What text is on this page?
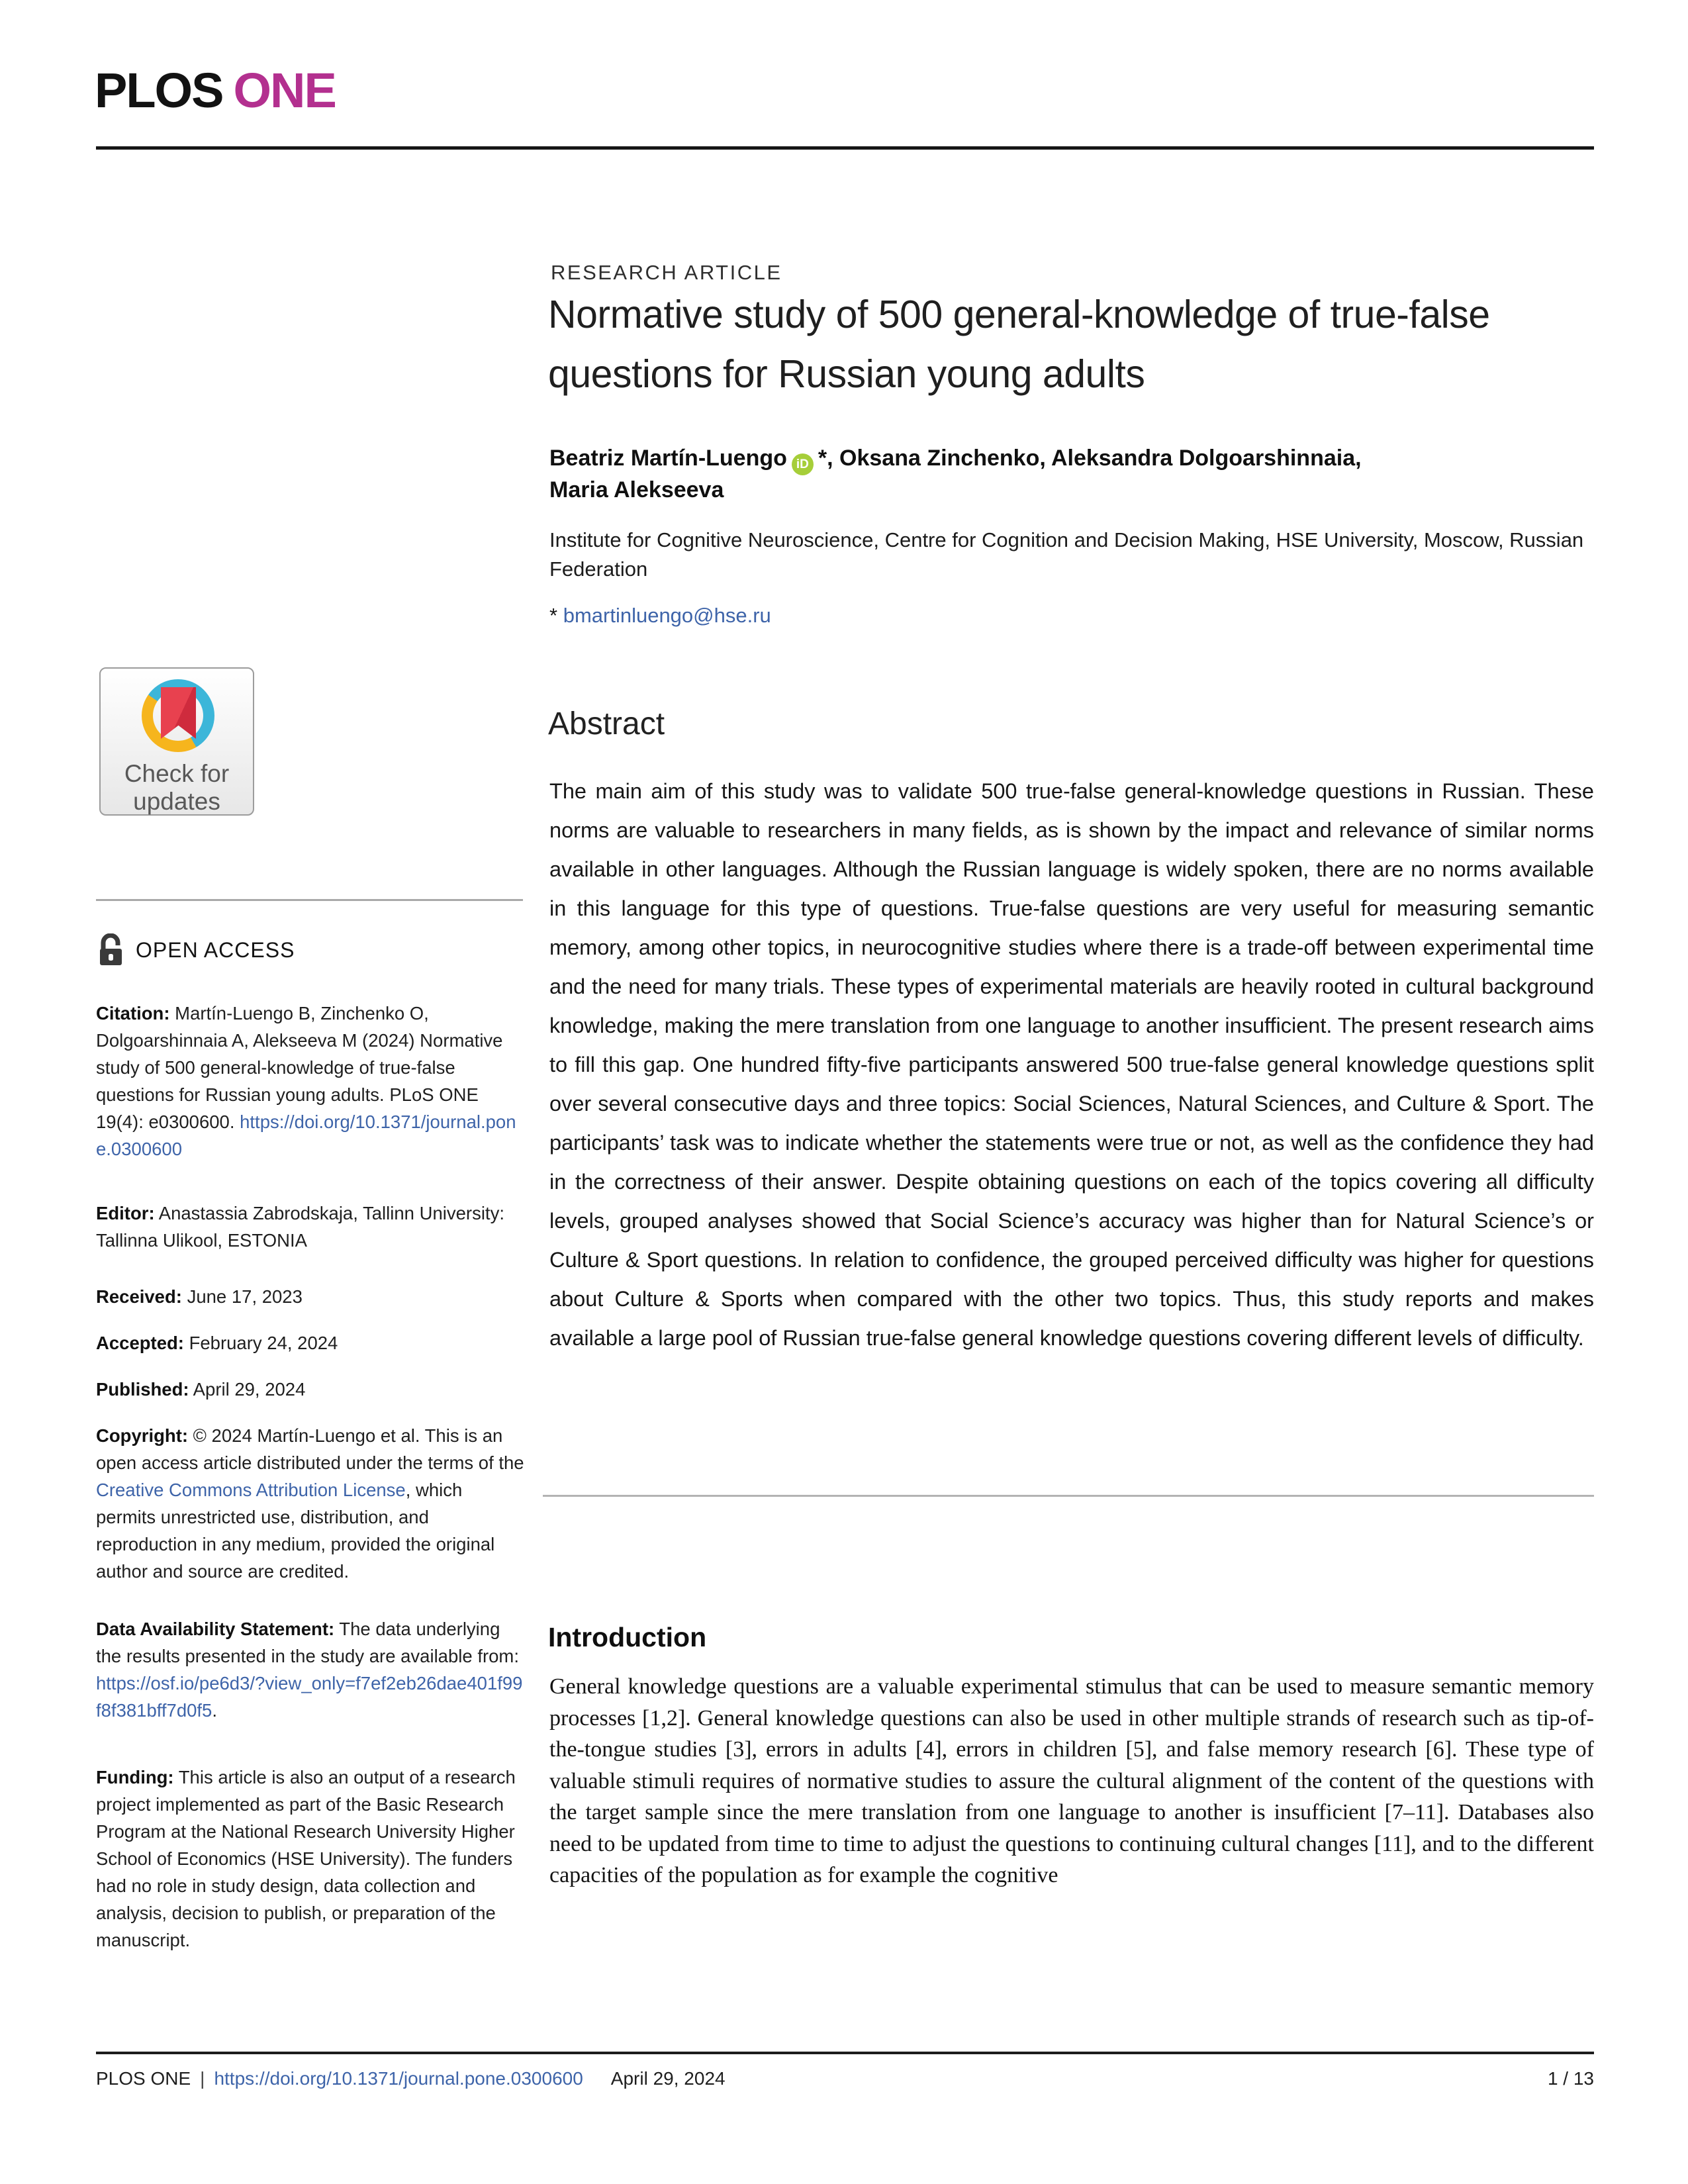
PLOS ONE
Check for
updates
OPEN ACCESS

Citation: Martín-Luengo B, Zinchenko O, Dolgoarshinnaia A, Alekseeva M (2024) Normative study of 500 general-knowledge of true-false questions for Russian young adults. PLoS ONE 19(4): e0300600. https://doi.org/10.1371/journal.pone.0300600

Editor: Anastassia Zabrodskaja, Tallinn University: Tallinna Ulikool, ESTONIA

Received: June 17, 2023

Accepted: February 24, 2024

Published: April 29, 2024

Copyright: © 2024 Martín-Luengo et al. This is an open access article distributed under the terms of the Creative Commons Attribution License, which permits unrestricted use, distribution, and reproduction in any medium, provided the original author and source are credited.

Data Availability Statement: The data underlying the results presented in the study are available from: https://osf.io/pe6d3/?view_only=f7ef2eb26dae401f99f8f381bff7d0f5.

Funding: This article is also an output of a research project implemented as part of the Basic Research Program at the National Research University Higher School of Economics (HSE University). The funders had no role in study design, data collection and analysis, decision to publish, or preparation of the manuscript.

RESEARCH ARTICLE
Normative study of 500 general-knowledge of true-false questions for Russian young adults
Beatriz Martín-Luengo iD *, Oksana Zinchenko, Aleksandra Dolgoarshinnaia,
Maria Alekseeva
Institute for Cognitive Neuroscience, Centre for Cognition and Decision Making, HSE University, Moscow, Russian Federation
* bmartinluengo@hse.ru
Abstract

The main aim of this study was to validate 500 true-false general-knowledge questions in Russian. These norms are valuable to researchers in many fields, as is shown by the impact and relevance of similar norms available in other languages. Although the Russian language is widely spoken, there are no norms available in this language for this type of questions. True-false questions are very useful for measuring semantic memory, among other topics, in neurocognitive studies where there is a trade-off between experimental time and the need for many trials. These types of experimental materials are heavily rooted in cultural background knowledge, making the mere translation from one language to another insufficient. The present research aims to fill this gap. One hundred fifty-five participants answered 500 true-false general knowledge questions split over several consecutive days and three topics: Social Sciences, Natural Sciences, and Culture & Sport. The participants’ task was to indicate whether the statements were true or not, as well as the confidence they had in the correctness of their answer. Despite obtaining questions on each of the topics covering all difficulty levels, grouped analyses showed that Social Science’s accuracy was higher than for Natural Science’s or Culture & Sport questions. In relation to confidence, the grouped perceived difficulty was higher for questions about Culture & Sports when compared with the other two topics. Thus, this study reports and makes available a large pool of Russian true-false general knowledge questions covering different levels of difficulty.

Introduction

General knowledge questions are a valuable experimental stimulus that can be used to measure semantic memory processes [1,2]. General knowledge questions can also be used in other multiple strands of research such as tip-of-the-tongue studies [3], errors in adults [4], errors in children [5], and false memory research [6]. These type of valuable stimuli requires of normative studies to assure the cultural alignment of the content of the questions with the target sample since the mere translation from one language to another is insufficient [7–11]. Databases also need to be updated from time to time to adjust the questions to continuing cultural changes [11], and to the different capacities of the population as for example the cognitive

PLOS ONE | https://doi.org/10.1371/journal.pone.0300600 April 29, 2024	1 / 13
